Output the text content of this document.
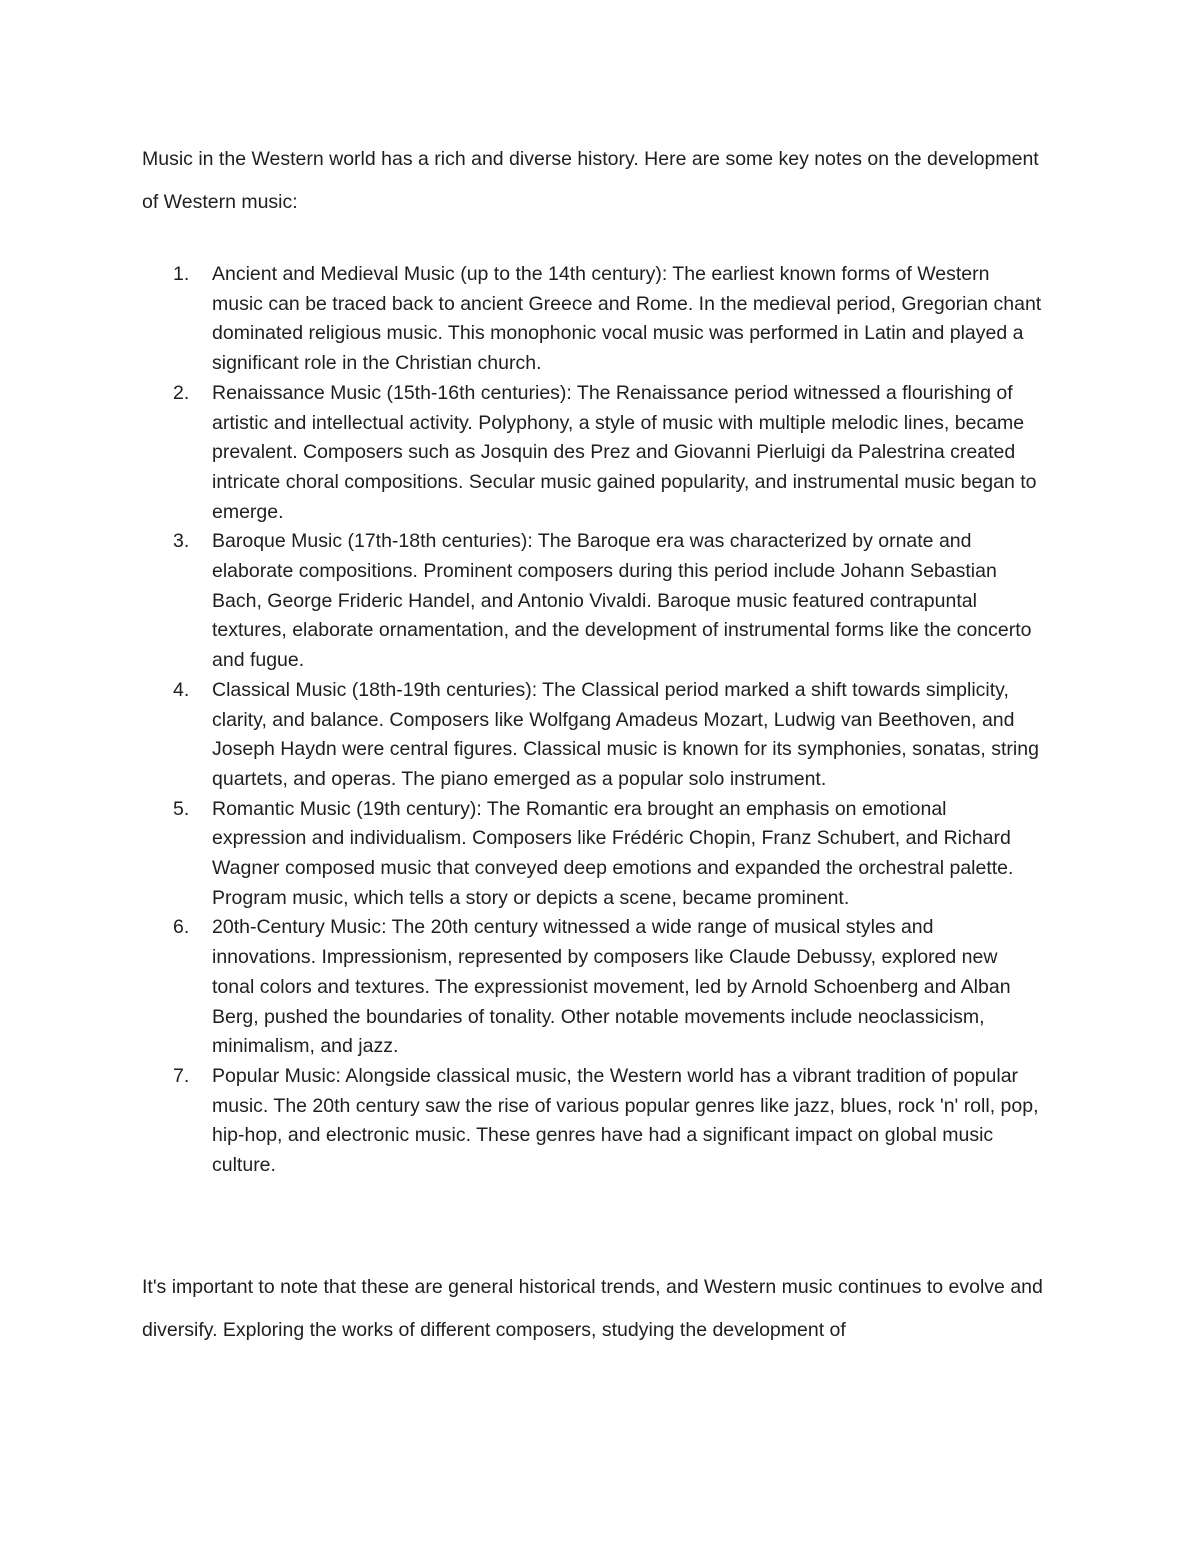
Music in the Western world has a rich and diverse history. Here are some key notes on the development of Western music:

1.	Ancient and Medieval Music (up to the 14th century): The earliest known forms of Western music can be traced back to ancient Greece and Rome. In the medieval period, Gregorian chant dominated religious music. This monophonic vocal music was performed in Latin and played a significant role in the Christian church.
2.	Renaissance Music (15th-16th centuries): The Renaissance period witnessed a flourishing of artistic and intellectual activity. Polyphony, a style of music with multiple melodic lines, became prevalent. Composers such as Josquin des Prez and Giovanni Pierluigi da Palestrina created intricate choral compositions. Secular music gained popularity, and instrumental music began to emerge.
3.	Baroque Music (17th-18th centuries): The Baroque era was characterized by ornate and elaborate compositions. Prominent composers during this period include Johann Sebastian Bach, George Frideric Handel, and Antonio Vivaldi. Baroque music featured contrapuntal textures, elaborate ornamentation, and the development of instrumental forms like the concerto and fugue.
4.	Classical Music (18th-19th centuries): The Classical period marked a shift towards simplicity, clarity, and balance. Composers like Wolfgang Amadeus Mozart, Ludwig van Beethoven, and Joseph Haydn were central figures. Classical music is known for its symphonies, sonatas, string quartets, and operas. The piano emerged as a popular solo instrument.
5.	Romantic Music (19th century): The Romantic era brought an emphasis on emotional expression and individualism. Composers like Frédéric Chopin, Franz Schubert, and Richard Wagner composed music that conveyed deep emotions and expanded the orchestral palette. Program music, which tells a story or depicts a scene, became prominent.
6.	20th-Century Music: The 20th century witnessed a wide range of musical styles and innovations. Impressionism, represented by composers like Claude Debussy, explored new tonal colors and textures. The expressionist movement, led by Arnold Schoenberg and Alban Berg, pushed the boundaries of tonality. Other notable movements include neoclassicism, minimalism, and jazz.
7.	Popular Music: Alongside classical music, the Western world has a vibrant tradition of popular music. The 20th century saw the rise of various popular genres like jazz, blues, rock 'n' roll, pop, hip-hop, and electronic music. These genres have had a significant impact on global music culture.

It's important to note that these are general historical trends, and Western music continues to evolve and diversify. Exploring the works of different composers, studying the development of
